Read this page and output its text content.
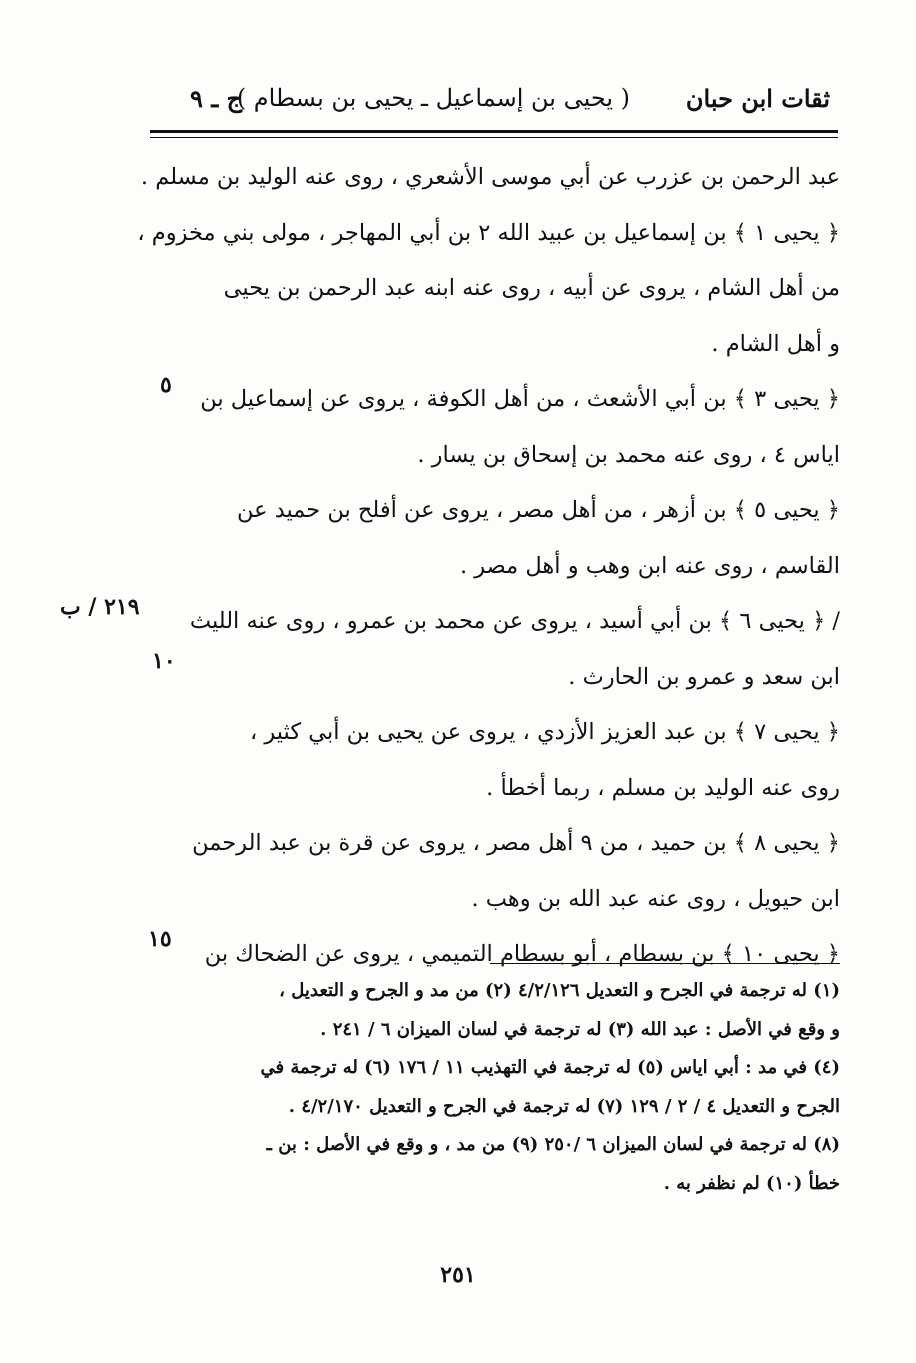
ثقات ابن حبان
( يحيى بن إسماعيل ـ يحيى بن بسطام )
ج ـ ٩
عبد الرحمن بن عزرب عن أبي موسى الأشعري ، روى عنه الوليد بن مسلم .
﴿ يحيى ١ ﴾ بن إسماعيل بن عبيد الله ٢ بن أبي المهاجر ، مولى بني مخزوم ،
من أهل الشام ، يروى عن أبيه ، روى عنه ابنه عبد الرحمن بن يحيى
و أهل الشام .
﴿ يحيى ٣ ﴾ بن أبي الأشعث ، من أهل الكوفة ، يروى عن إسماعيل بن
اياس ٤ ، روى عنه محمد بن إسحاق بن يسار .
﴿ يحيى ٥ ﴾ بن أزهر ، من أهل مصر ، يروى عن أفلح بن حميد عن
القاسم ، روى عنه ابن وهب و أهل مصر .
/ ﴿ يحيى ٦ ﴾ بن أبي أسيد ، يروى عن محمد بن عمرو ، روى عنه الليث
ابن سعد و عمرو بن الحارث .
﴿ يحيى ٧ ﴾ بن عبد العزيز الأزدي ، يروى عن يحيى بن أبي كثير ،
روى عنه الوليد بن مسلم ، ربما أخطأ .
﴿ يحيى ٨ ﴾ بن حميد ، من ٩ أهل مصر ، يروى عن قرة بن عبد الرحمن
ابن حيويل ، روى عنه عبد الله بن وهب .
﴿ يحيى ١٠ ﴾ بن بسطام ، أبو بسطام التميمي ، يروى عن الضحاك بن
٥
٢١٩ / ب
١٠
١٥
(١) له ترجمة في الجرح و التعديل ٤/٢/١٢٦ (٢) من مد و الجرح و التعديل ،
و وقع في الأصل : عبد الله (٣) له ترجمة في لسان الميزان ٦ / ٢٤١ .
(٤) في مد : أبي اياس (٥) له ترجمة في التهذيب ١١ / ١٧٦ (٦) له ترجمة في
الجرح و التعديل ٤ / ٢ / ١٢٩ (٧) له ترجمة في الجرح و التعديل ٤/٢/١٧٠ .
(٨) له ترجمة في لسان الميزان ٦ /٢٥٠ (٩) من مد ، و وقع في الأصل : بن ـ
خطأ (١٠) لم نظفر به .
٢٥١
